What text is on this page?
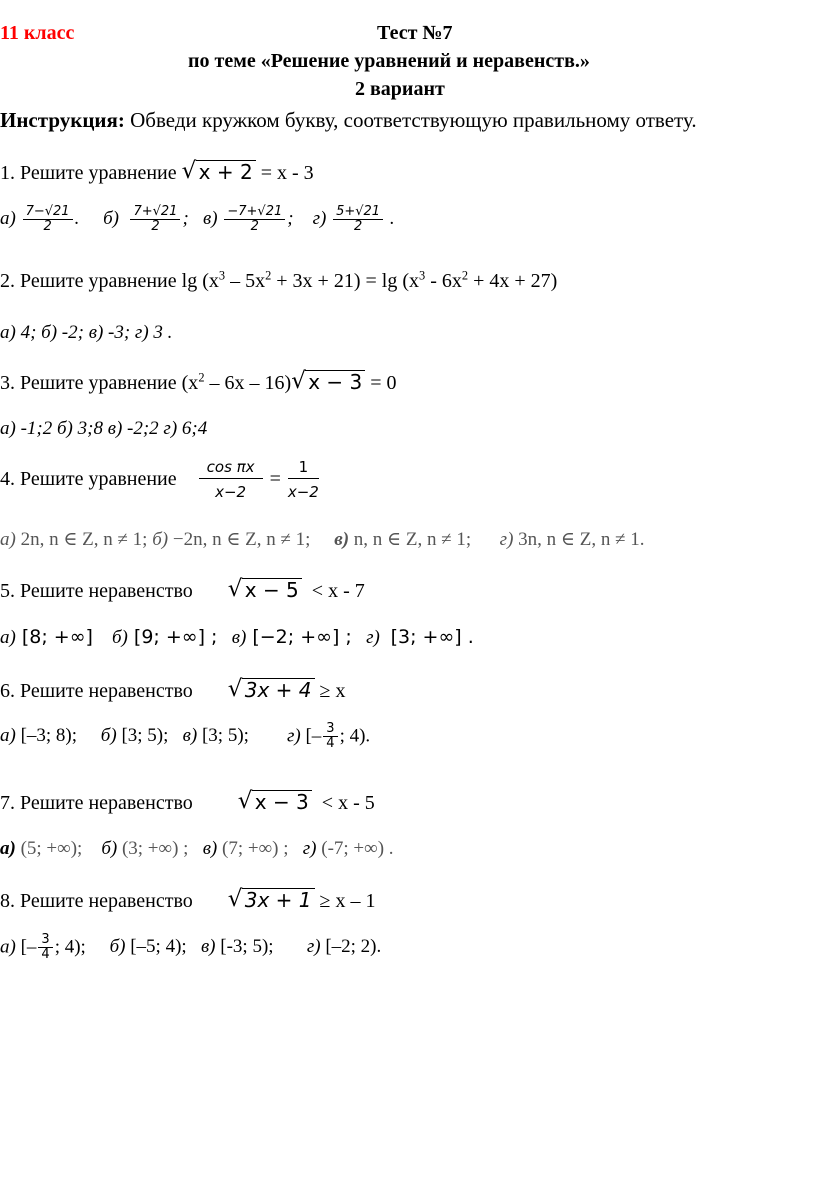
11 класс	Тест №7
по теме «Решение уравнений и неравенств.»
2 вариант
Инструкция: Обведи кружком букву, соответствующую правильному ответу.
1. Решите уравнение √ x + 2 = x - 3
$а) \frac{7-√21}{2}$ . $б) \frac{7+√21}{2}$ ; $в) \frac{-7+√21}{2}$ ; $г) \frac{5+√21}{2}$ .
2. Решите уравнение $\lg (x^3 - 5x^2 + 3x + 21) = \lg (x^3 - 6x^2 + 4x + 27)$
а) 4; б) -2; в) -3; г) 3 .
3. Решите уравнение $(x^2 - 6x - 16)√$ x − 3 = 0
а) -1;2 б) 3;8 в) -2;2 г) 6;4
4. Решите уравнение $\frac{\text{cos πx}}{x-2} = \frac{1}{x-2}$
а) 2n, n ∈ Z, n ≠ 1; б) −2n, n ∈ Z, n ≠ 1; в) n, n ∈ Z, n ≠ 1; г) 3n, n ∈ Z, n ≠ 1.
5. Решите неравенство       √	x − 5  < x - 7
а) [8; +∞] б) [9; +∞] ; в) [−2; +∞] ; г)  [3; +∞] .
6. Решите неравенство       √	3x + 4 ≥ x
а) [–3; 8); б) [3; 5); в) [3; 5); г) [– $\frac{3}{4}$ ; 4).
7. Решите неравенство         √	x − 3  < x - 5
а) (5; +∞); б) (3; +∞) ; в) (7; +∞) ; г) (-7; +∞) .
8. Решите неравенство       √	3x + 1 ≥ x – 1
а) [– $\frac{3}{4}$ ; 4); б) [–5; 4); в) [-3; 5); г) [–2; 2).
